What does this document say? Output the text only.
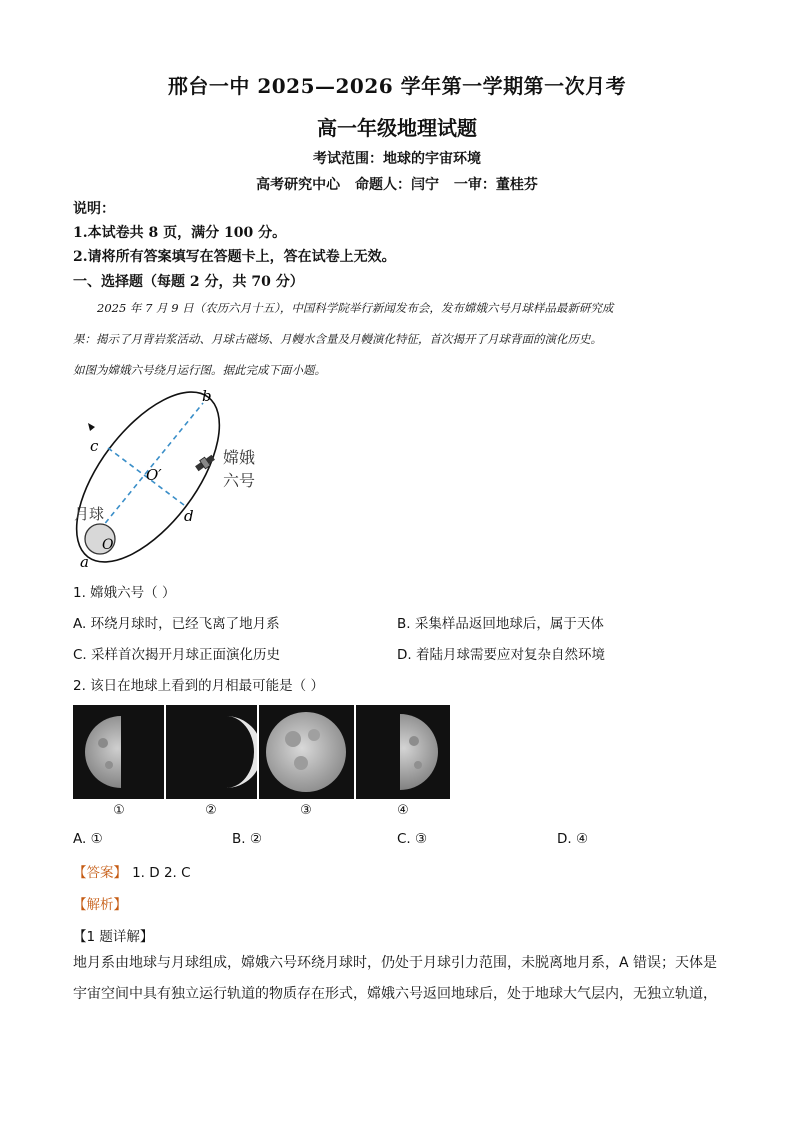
邢台一中 2025—2026 学年第一学期第一次月考
高一年级地理试题
考试范围：地球的宇宙环境
高考研究中心 命题人：闫宁 一审：董桂芬
说明：
1.本试卷共 8 页，满分 100 分。
2.请将所有答案填写在答题卡上，答在试卷上无效。
一、选择题（每题 2 分，共 70 分）
2025 年 7 月 9 日（农历六月十五），中国科学院举行新闻发布会，发布嫦娥六号月球样品最新研究成
果：揭示了月背岩浆活动、月球古磁场、月幔水含量及月幔演化特征，首次揭开了月球背面的演化历史。
如图为嫦娥六号绕月运行图。据此完成下面小题。
b
c
O′
d
O
a
月球
嫦娥
六号
1. 嫦娥六号（ ）
A. 环绕月球时，已经飞离了地月系	B. 采集样品返回地球后，属于天体
C. 采样首次揭开月球正面演化历史	D. 着陆月球需要应对复杂自然环境
2. 该日在地球上看到的月相最可能是（ ）
①	②	③	④
A. ①	B. ②	C. ③	D. ④
【答案】 1. D 2. C
【解析】
【1 题详解】
地月系由地球与月球组成，嫦娥六号环绕月球时，仍处于月球引力范围，未脱离地月系，A 错误；天体是
宇宙空间中具有独立运行轨道的物质存在形式，嫦娥六号返回地球后，处于地球大气层内，无独立轨道，
